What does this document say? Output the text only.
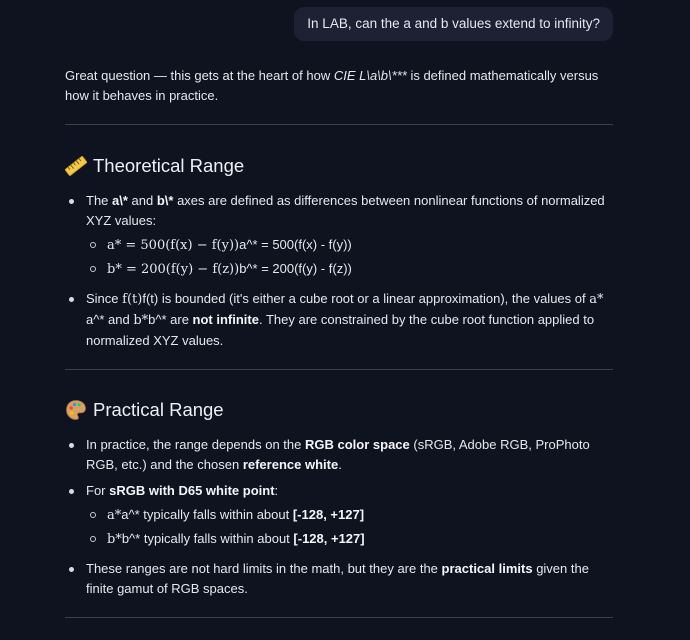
In LAB, can the a and b values extend to infinity?

Great question — this gets at the heart of how CIE L\a\b\*** is defined mathematically versus how it behaves in practice.

Theoretical Range
The a\* and b\* axes are defined as differences between nonlinear functions of normalized XYZ values:
a* = 500(f(x) − f(y))a^* = 500(f(x) - f(y))
b* = 200(f(y) − f(z))b^* = 200(f(y) - f(z))
Since f(t)f(t) is bounded (it's either a cube root or a linear approximation), the values of a* a^* and b*b^* are not infinite. They are constrained by the cube root function applied to normalized XYZ values.
Practical Range
In practice, the range depends on the RGB color space (sRGB, Adobe RGB, ProPhoto RGB, etc.) and the chosen reference white.
For sRGB with D65 white point:
a*a^* typically falls within about [-128, +127]
b*b^* typically falls within about [-128, +127]
These ranges are not hard limits in the math, but they are the practical limits given the finite gamut of RGB spaces.
